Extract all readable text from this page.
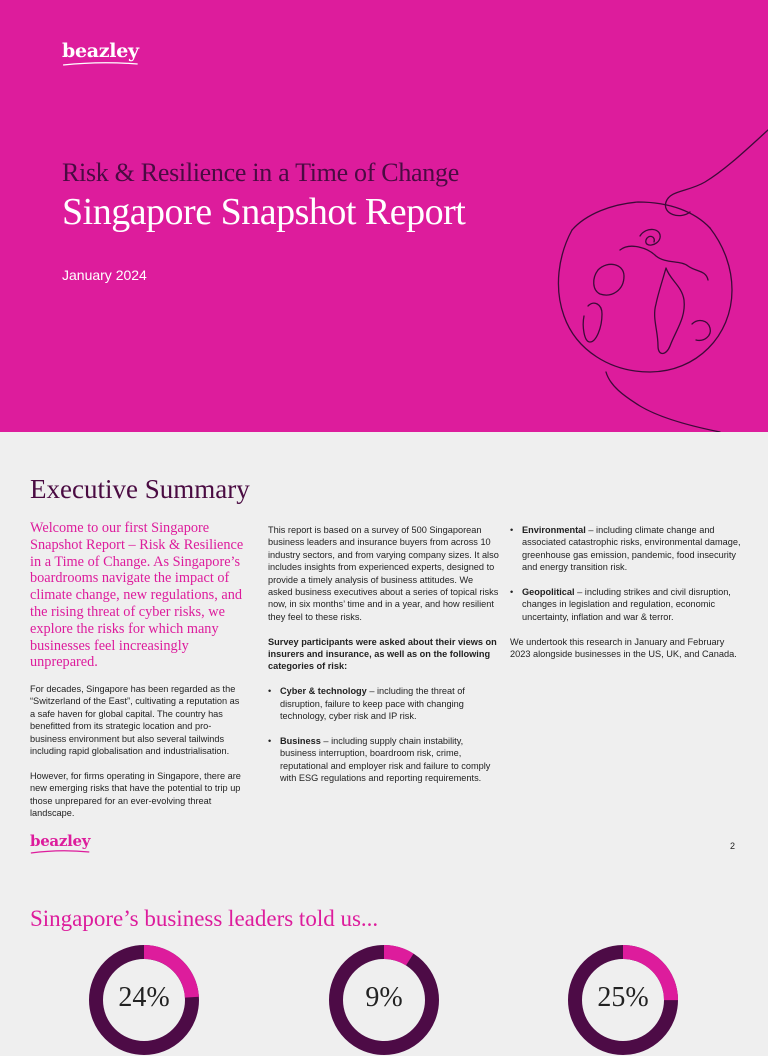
beazley
Risk & Resilience in a Time of Change
Singapore Snapshot Report
January 2024
Executive Summary
Welcome to our first Singapore Snapshot Report – Risk & Resilience in a Time of Change. As Singapore’s boardrooms navigate the impact of climate change, new regulations, and the rising threat of cyber risks, we explore the risks for which many businesses feel increasingly unprepared.

For decades, Singapore has been regarded as the “Switzerland of the East”, cultivating a reputation as a safe haven for global capital. The country has benefitted from its strategic location and pro-business environment but also several tailwinds including rapid globalisation and industrialisation.

However, for firms operating in Singapore, there are new emerging risks that have the potential to trip up those unprepared for an ever-evolving threat landscape.

This report is based on a survey of 500 Singaporean business leaders and insurance buyers from across 10 industry sectors, and from varying company sizes. It also includes insights from experienced experts, designed to provide a timely analysis of business attitudes. We asked business executives about a series of topical risks now, in six months’ time and in a year, and how resilient they feel to these risks.

Survey participants were asked about their views on insurers and insurance, as well as on the following categories of risk:

• Cyber & technology – including the threat of disruption, failure to keep pace with changing technology, cyber risk and IP risk.
• Business – including supply chain instability, business interruption, boardroom risk, crime, reputational and employer risk and failure to comply with ESG regulations and reporting requirements.
• Environmental – including climate change and associated catastrophic risks, environmental damage, greenhouse gas emission, pandemic, food insecurity and energy transition risk.
• Geopolitical – including strikes and civil disruption, changes in legislation and regulation, economic uncertainty, inflation and war & terror.

We undertook this research in January and February 2023 alongside businesses in the US, UK, and Canada.

beazley	2
Singapore’s business leaders told us...
24%	9%	25%
